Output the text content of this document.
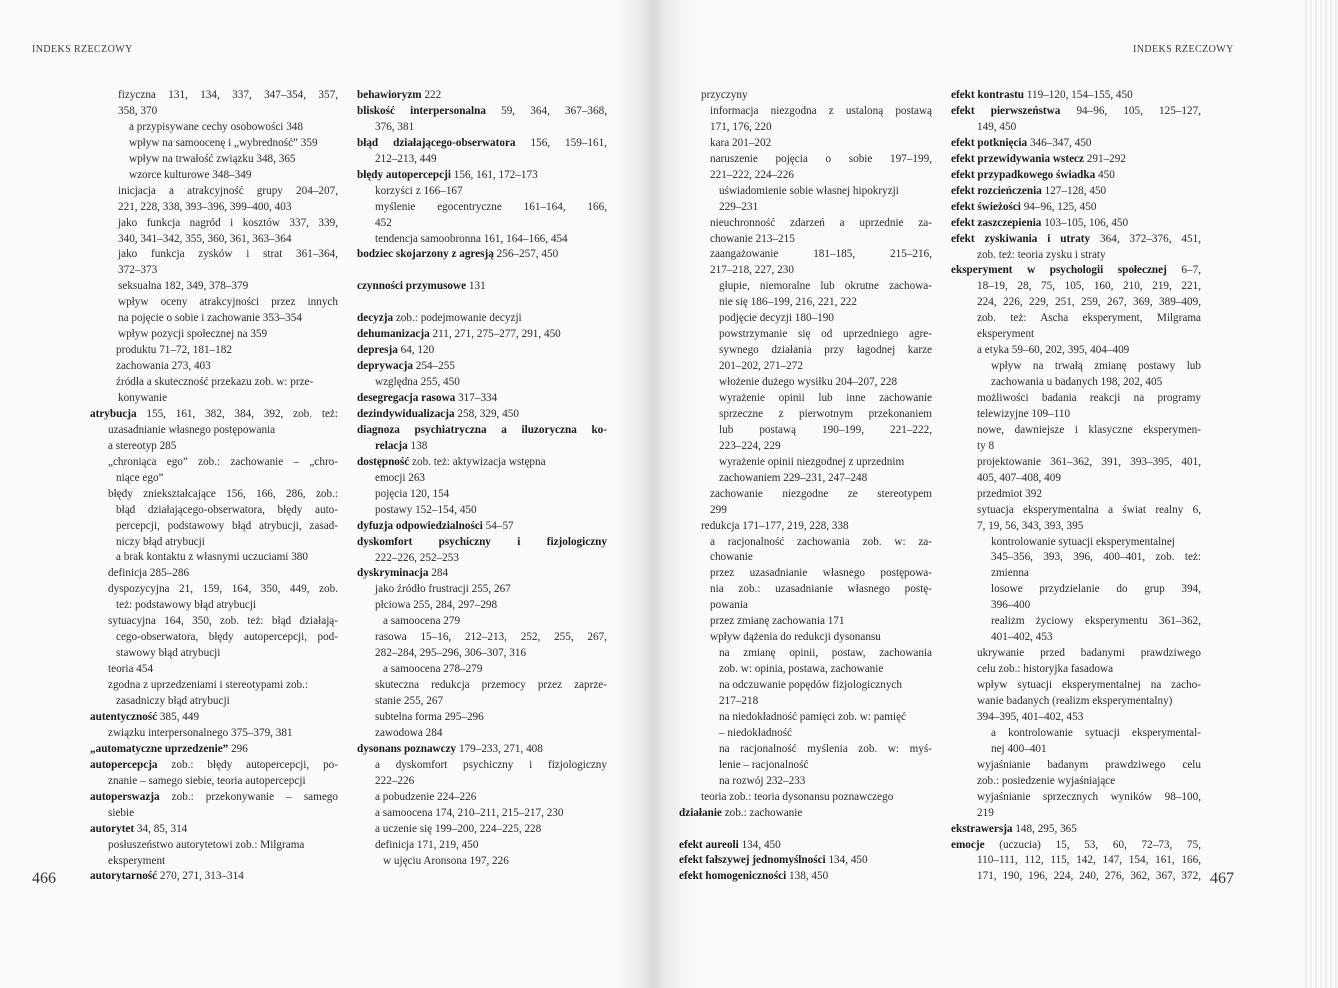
INDEKS RZECZOWY	INDEKS RZECZOWY
fizyczna 131, 134, 337, 347–354, 357,
358, 370
a przypisywane cechy osobowości 348
wpływ na samoocenę i „wybredność” 359
wpływ na trwałość związku 348, 365
wzorce kulturowe 348–349
inicjacja a atrakcyjność grupy 204–207,
221, 228, 338, 393–396, 399–400, 403
jako funkcja nagród i kosztów 337, 339,
340, 341–342, 355, 360, 361, 363–364
jako funkcja zysków i strat 361–364,
372–373
seksualna 182, 349, 378–379
wpływ oceny atrakcyjności przez innych
na pojęcie o sobie i zachowanie 353–354
wpływ pozycji społecznej na 359
produktu 71–72, 181–182
zachowania 273, 403
źródła a skuteczność przekazu zob. w: prze-
konywanie
atrybucja 155, 161, 382, 384, 392, zob. też:
uzasadnianie własnego postępowania
a stereotyp 285
„chroniąca ego” zob.: zachowanie – „chro-
niące ego”
błędy zniekształcające 156, 166, 286, zob.:
błąd działającego-obserwatora, błędy auto-
percepcji, podstawowy błąd atrybucji, zasad-
niczy błąd atrybucji
a brak kontaktu z własnymi uczuciami 380
definicja 285–286
dyspozycyjna 21, 159, 164, 350, 449, zob.
też: podstawowy błąd atrybucji
sytuacyjna 164, 350, zob. też: błąd działają-
cego-obserwatora, błędy autopercepcji, pod-
stawowy błąd atrybucji
teoria 454
zgodna z uprzedzeniami i stereotypami zob.:
zasadniczy błąd atrybucji
autentyczność 385, 449
związku interpersonalnego 375–379, 381
„automatyczne uprzedzenie” 296
autopercepcja zob.: błędy autopercepcji, po-
znanie – samego siebie, teoria autopercepcji
autoperswazja zob.: przekonywanie – samego
siebie
autorytet 34, 85, 314
posłuszeństwo autorytetowi zob.: Milgrama
eksperyment
autorytarność 270, 271, 313–314
behawioryzm 222
bliskość interpersonalna 59, 364, 367–368,
376, 381
błąd działającego-obserwatora 156, 159–161,
212–213, 449
błędy autopercepcji 156, 161, 172–173
korzyści z 166–167
myślenie egocentryczne 161–164, 166,
452
tendencja samoobronna 161, 164–166, 454
bodziec skojarzony z agresją 256–257, 450
czynności przymusowe 131
decyzja zob.: podejmowanie decyzji
dehumanizacja 211, 271, 275–277, 291, 450
depresja 64, 120
deprywacja 254–255
względna 255, 450
desegregacja rasowa 317–334
dezindywidualizacja 258, 329, 450
diagnoza psychiatryczna a iluzoryczna ko-
relacja 138
dostępność zob. też: aktywizacja wstępna
emocji 263
pojęcia 120, 154
postawy 152–154, 450
dyfuzja odpowiedzialności 54–57
dyskomfort psychiczny i fizjologiczny
222–226, 252–253
dyskryminacja 284
jako źródło frustracji 255, 267
płciowa 255, 284, 297–298
a samoocena 279
rasowa 15–16, 212–213, 252, 255, 267,
282–284, 295–296, 306–307, 316
a samoocena 278–279
skuteczna redukcja przemocy przez zaprze-
stanie 255, 267
subtelna forma 295–296
zawodowa 284
dysonans poznawczy 179–233, 271, 408
a dyskomfort psychiczny i fizjologiczny
222–226
a pobudzenie 224–226
a samoocena 174, 210–211, 215–217, 230
a uczenie się 199–200, 224–225, 228
definicja 171, 219, 450
w ujęciu Aronsona 197, 226
przyczyny
informacja niezgodna z ustaloną postawą
171, 176, 220
kara 201–202
naruszenie pojęcia o sobie 197–199,
221–222, 224–226
uświadomienie sobie własnej hipokryzji
229–231
nieuchronność zdarzeń a uprzednie za-
chowanie 213–215
zaangażowanie 181–185, 215–216,
217–218, 227, 230
głupie, niemoralne lub okrutne zachowa-
nie się 186–199, 216, 221, 222
podjęcie decyzji 180–190
powstrzymanie się od uprzedniego agre-
sywnego działania przy łagodnej karze
201–202, 271–272
włożenie dużego wysiłku 204–207, 228
wyrażenie opinii lub inne zachowanie
sprzeczne z pierwotnym przekonaniem
lub postawą 190–199, 221–222,
223–224, 229
wyrażenie opinii niezgodnej z uprzednim
zachowaniem 229–231, 247–248
zachowanie niezgodne ze stereotypem
299
redukcja 171–177, 219, 228, 338
a racjonalność zachowania zob. w: za-
chowanie
przez uzasadnianie własnego postępowa-
nia zob.: uzasadnianie własnego postę-
powania
przez zmianę zachowania 171
wpływ dążenia do redukcji dysonansu
na zmianę opinii, postaw, zachowania
zob. w: opinia, postawa, zachowanie
na odczuwanie popędów fizjologicznych
217–218
na niedokładność pamięci zob. w: pamięć
– niedokładność
na racjonalność myślenia zob. w: myś-
lenie – racjonalność
na rozwój 232–233
teoria zob.: teoria dysonansu poznawczego
działanie zob.: zachowanie
efekt aureoli 134, 450
efekt fałszywej jednomyślności 134, 450
efekt homogeniczności 138, 450
efekt kontrastu 119–120, 154–155, 450
efekt pierwszeństwa 94–96, 105, 125–127,
149, 450
efekt potknięcia 346–347, 450
efekt przewidywania wstecz 291–292
efekt przypadkowego świadka 450
efekt rozcieńczenia 127–128, 450
efekt świeżości 94–96, 125, 450
efekt zaszczepienia 103–105, 106, 450
efekt zyskiwania i utraty 364, 372–376, 451,
zob. też: teoria zysku i straty
eksperyment w psychologii społecznej 6–7,
18–19, 28, 75, 105, 160, 210, 219, 221,
224, 226, 229, 251, 259, 267, 369, 389–409,
zob. też: Ascha eksperyment, Milgrama
eksperyment
a etyka 59–60, 202, 395, 404–409
wpływ na trwałą zmianę postawy lub
zachowania u badanych 198, 202, 405
możliwości badania reakcji na programy
telewizyjne 109–110
nowe, dawniejsze i klasyczne eksperymen-
ty 8
projektowanie 361–362, 391, 393–395, 401,
405, 407–408, 409
przedmiot 392
sytuacja eksperymentalna a świat realny 6,
7, 19, 56, 343, 393, 395
kontrolowanie sytuacji eksperymentalnej
345–356, 393, 396, 400–401, zob. też:
zmienna
losowe przydzielanie do grup 394,
396–400
realizm życiowy eksperymentu 361–362,
401–402, 453
ukrywanie przed badanymi prawdziwego
celu zob.: historyjka fasadowa
wpływ sytuacji eksperymentalnej na zacho-
wanie badanych (realizm eksperymentalny)
394–395, 401–402, 453
a kontrolowanie sytuacji eksperymental-
nej 400–401
wyjaśnianie badanym prawdziwego celu
zob.: posiedzenie wyjaśniające
wyjaśnianie sprzecznych wyników 98–100,
219
ekstrawersja 148, 295, 365
emocje (uczucia) 15, 53, 60, 72–73, 75,
110–111, 112, 115, 142, 147, 154, 161, 166,
171, 190, 196, 224, 240, 276, 362, 367, 372,
466	467
